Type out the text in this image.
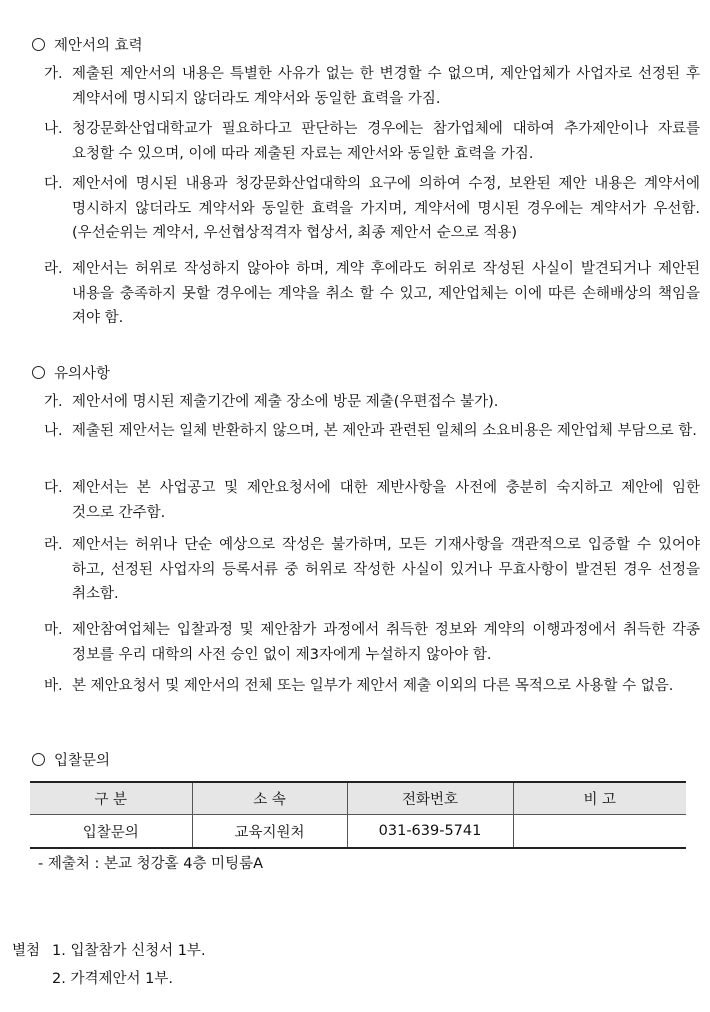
제안서의 효력
가. 제출된 제안서의 내용은 특별한 사유가 없는 한 변경할 수 없으며, 제안업체가 사업자로 선정된 후 계약서에 명시되지 않더라도 계약서와 동일한 효력을 가짐.
나. 청강문화산업대학교가 필요하다고 판단하는 경우에는 참가업체에 대하여 추가제안이나 자료를 요청할 수 있으며, 이에 따라 제출된 자료는 제안서와 동일한 효력을 가짐.
다. 제안서에 명시된 내용과 청강문화산업대학의 요구에 의하여 수정, 보완된 제안 내용은 계약서에 명시하지 않더라도 계약서와 동일한 효력을 가지며, 계약서에 명시된 경우에는 계약서가 우선함.(우선순위는 계약서, 우선협상적격자 협상서, 최종 제안서 순으로 적용)
라. 제안서는 허위로 작성하지 않아야 하며, 계약 후에라도 허위로 작성된 사실이 발견되거나 제안된 내용을 충족하지 못할 경우에는 계약을 취소 할 수 있고, 제안업체는 이에 따른 손해배상의 책임을 져야 함.
유의사항
가. 제안서에 명시된 제출기간에 제출 장소에 방문 제출(우편접수 불가).
나. 제출된 제안서는 일체 반환하지 않으며, 본 제안과 관련된 일체의 소요비용은 제안업체 부담으로 함.
다. 제안서는 본 사업공고 및 제안요청서에 대한 제반사항을 사전에 충분히 숙지하고 제안에 임한 것으로 간주함.
라. 제안서는 허위나 단순 예상으로 작성은 불가하며, 모든 기재사항을 객관적으로 입증할 수 있어야 하고, 선정된 사업자의 등록서류 중 허위로 작성한 사실이 있거나 무효사항이 발견된 경우 선정을 취소함.
마. 제안참여업체는 입찰과정 및 제안참가 과정에서 취득한 정보와 계약의 이행과정에서 취득한 각종 정보를 우리 대학의 사전 승인 없이 제3자에게 누설하지 않아야 함.
바. 본 제안요청서 및 제안서의 전체 또는 일부가 제안서 제출 이외의 다른 목적으로 사용할 수 없음.
입찰문의
구 분	소 속	전화번호	비 고
입찰문의	교육지원처	031-639-5741	
- 제출처 : 본교 청강홀 4층 미팅룸A
별첨 1. 입찰참가 신청서 1부.
2. 가격제안서 1부.
